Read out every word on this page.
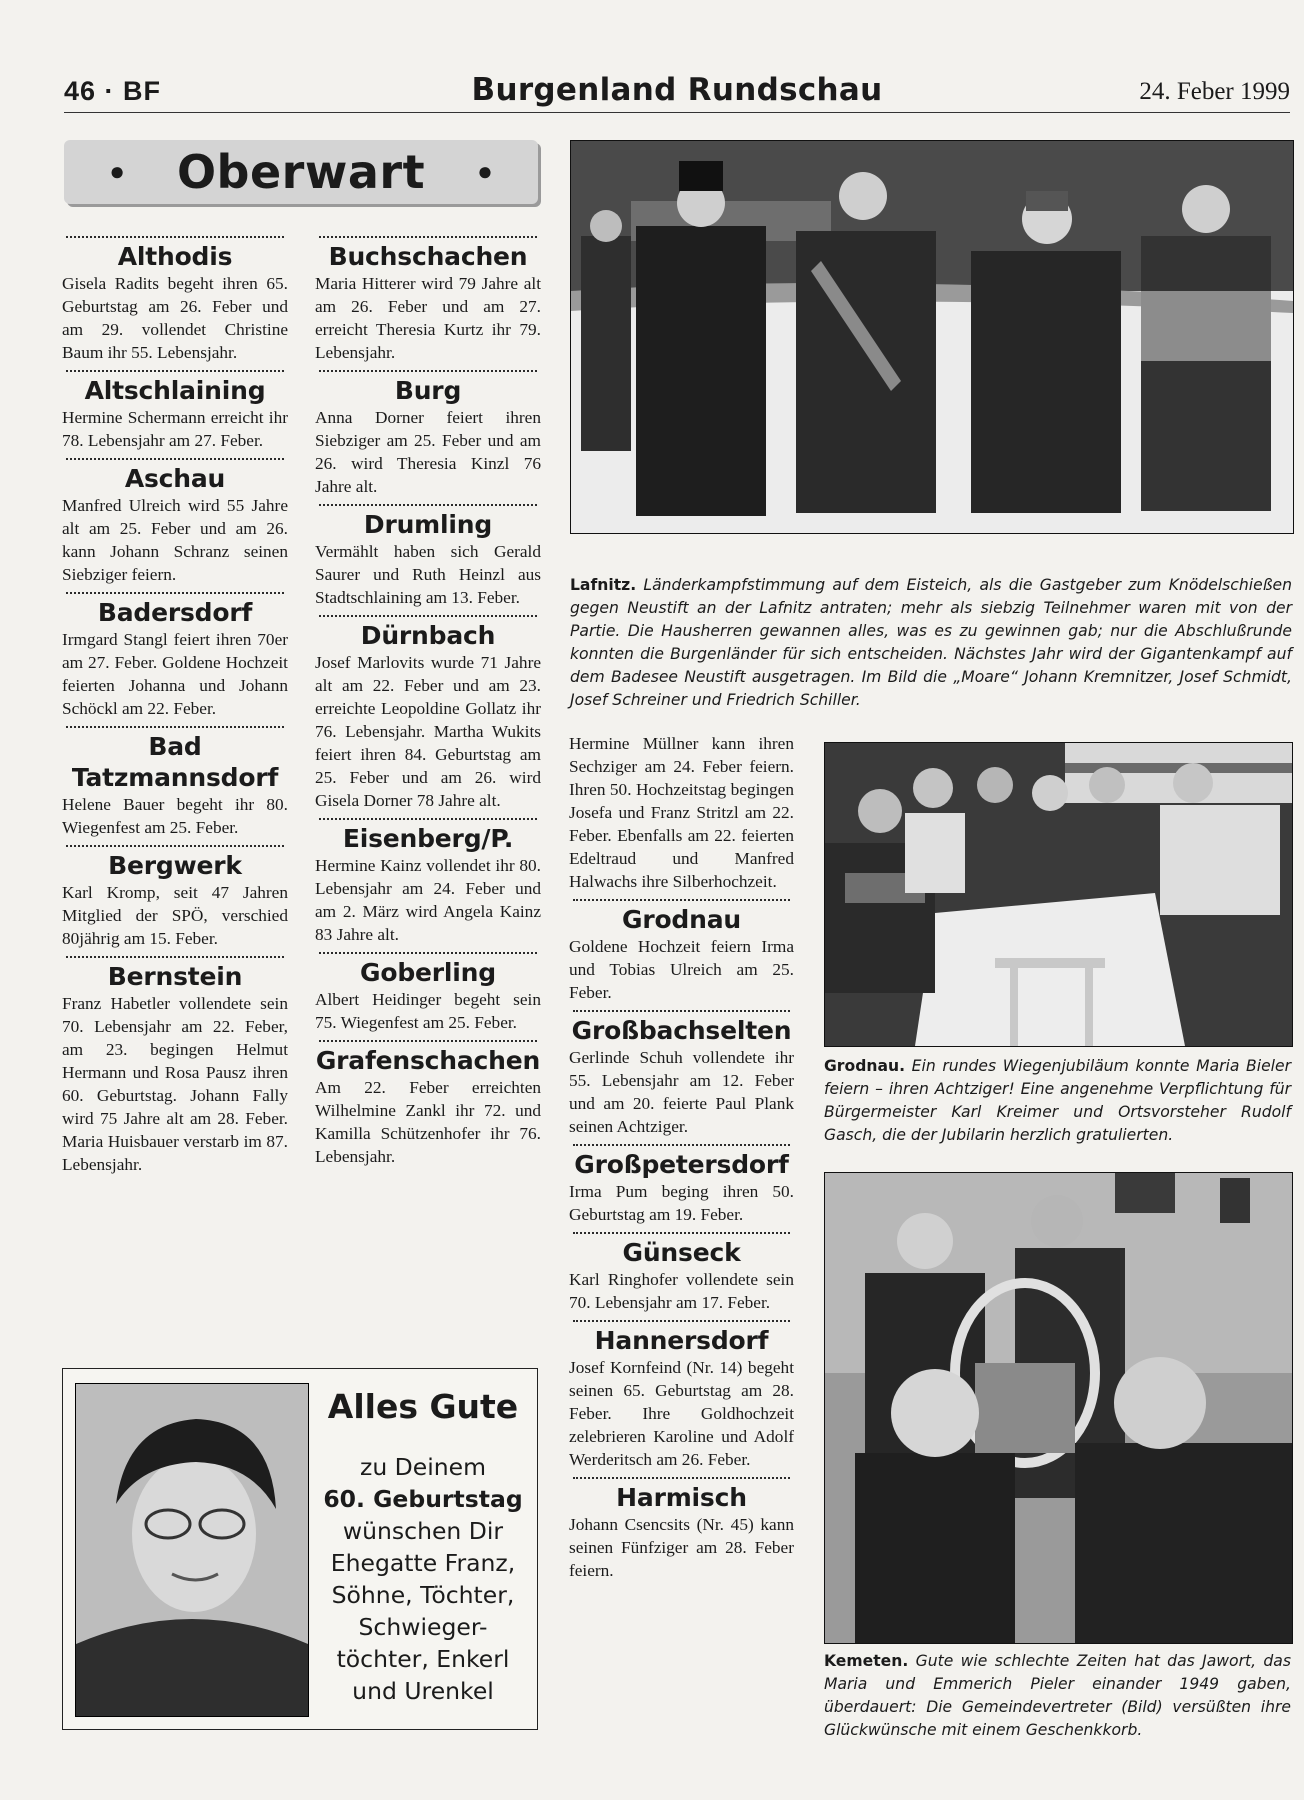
46 · BF	Burgenland Rundschau	24. Feber 1999
● Oberwart ●
Althodis

Gisela Radits begeht ihren 65. Geburtstag am 26. Feber und am 29. vollendet Christine Baum ihr 55. Lebensjahr.

Altschlaining

Hermine Schermann erreicht ihr 78. Lebensjahr am 27. Feber.

Aschau

Manfred Ulreich wird 55 Jahre alt am 25. Feber und am 26. kann Johann Schranz seinen Siebziger feiern.

Badersdorf

Irmgard Stangl feiert ihren 70er am 27. Feber. Goldene Hochzeit feierten Johanna und Johann Schöckl am 22. Feber.

Bad Tatzmannsdorf

Helene Bauer begeht ihr 80. Wiegenfest am 25. Feber.

Bergwerk

Karl Kromp, seit 47 Jahren Mitglied der SPÖ, verschied 80jährig am 15. Feber.

Bernstein

Franz Habetler vollendete sein 70. Lebensjahr am 22. Feber, am 23. begingen Helmut Hermann und Rosa Pausz ihren 60. Geburtstag. Johann Fally wird 75 Jahre alt am 28. Feber. Maria Huisbauer verstarb im 87. Lebensjahr.

Buchschachen

Maria Hitterer wird 79 Jahre alt am 26. Feber und am 27. erreicht Theresia Kurtz ihr 79. Lebensjahr.

Burg

Anna Dorner feiert ihren Siebziger am 25. Feber und am 26. wird Theresia Kinzl 76 Jahre alt.

Drumling

Vermählt haben sich Gerald Saurer und Ruth Heinzl aus Stadtschlaining am 13. Feber.

Dürnbach

Josef Marlovits wurde 71 Jahre alt am 22. Feber und am 23. erreichte Leopoldine Gollatz ihr 76. Lebensjahr. Martha Wukits feiert ihren 84. Geburtstag am 25. Feber und am 26. wird Gisela Dorner 78 Jahre alt.

Eisenberg/P.

Hermine Kainz vollendet ihr 80. Lebensjahr am 24. Feber und am 2. März wird Angela Kainz 83 Jahre alt.

Goberling

Albert Heidinger begeht sein 75. Wiegenfest am 25. Feber.

Grafenschachen

Am 22. Feber erreichten Wilhelmine Zankl ihr 72. und Kamilla Schützenhofer ihr 76. Lebensjahr.

Hermine Müllner kann ihren Sechziger am 24. Feber feiern. Ihren 50. Hochzeitstag begingen Josefa und Franz Stritzl am 22. Feber. Ebenfalls am 22. feierten Edeltraud und Manfred Halwachs ihre Silberhochzeit.

Grodnau

Goldene Hochzeit feiern Irma und Tobias Ulreich am 25. Feber.

Großbachselten

Gerlinde Schuh vollendete ihr 55. Lebensjahr am 12. Feber und am 20. feierte Paul Plank seinen Achtziger.

Großpetersdorf

Irma Pum beging ihren 50. Geburtstag am 19. Feber.

Günseck

Karl Ringhofer vollendete sein 70. Lebensjahr am 17. Feber.

Hannersdorf

Josef Kornfeind (Nr. 14) begeht seinen 65. Geburtstag am 28. Feber. Ihre Goldhochzeit zelebrieren Karoline und Adolf Werderitsch am 26. Feber.

Harmisch

Johann Csencsits (Nr. 45) kann seinen Fünfziger am 28. Feber feiern.

Alles Gute
zu Deinem
60. Geburtstag
wünschen Dir
Ehegatte Franz,
Söhne, Töchter,
Schwieger-
töchter, Enkerl
und Urenkel
Lafnitz. Länderkampfstimmung auf dem Eisteich, als die Gastgeber zum Knödelschießen gegen Neustift an der Lafnitz antraten; mehr als siebzig Teilnehmer waren mit von der Partie. Die Hausherren gewannen alles, was es zu gewinnen gab; nur die Abschlußrunde konnten die Burgenländer für sich entscheiden. Nächstes Jahr wird der Gigantenkampf auf dem Badesee Neustift ausgetragen. Im Bild die „Moare“ Johann Kremnitzer, Josef Schmidt, Josef Schreiner und Friedrich Schiller.
Grodnau. Ein rundes Wiegenjubiläum konnte Maria Bieler feiern – ihren Achtziger! Eine angenehme Verpflichtung für Bürgermeister Karl Kreimer und Ortsvorsteher Rudolf Gasch, die der Jubilarin herzlich gratulierten.
Kemeten. Gute wie schlechte Zeiten hat das Jawort, das Maria und Emmerich Pieler einander 1949 gaben, überdauert: Die Gemeindevertreter (Bild) versüßten ihre Glückwünsche mit einem Geschenkkorb.
